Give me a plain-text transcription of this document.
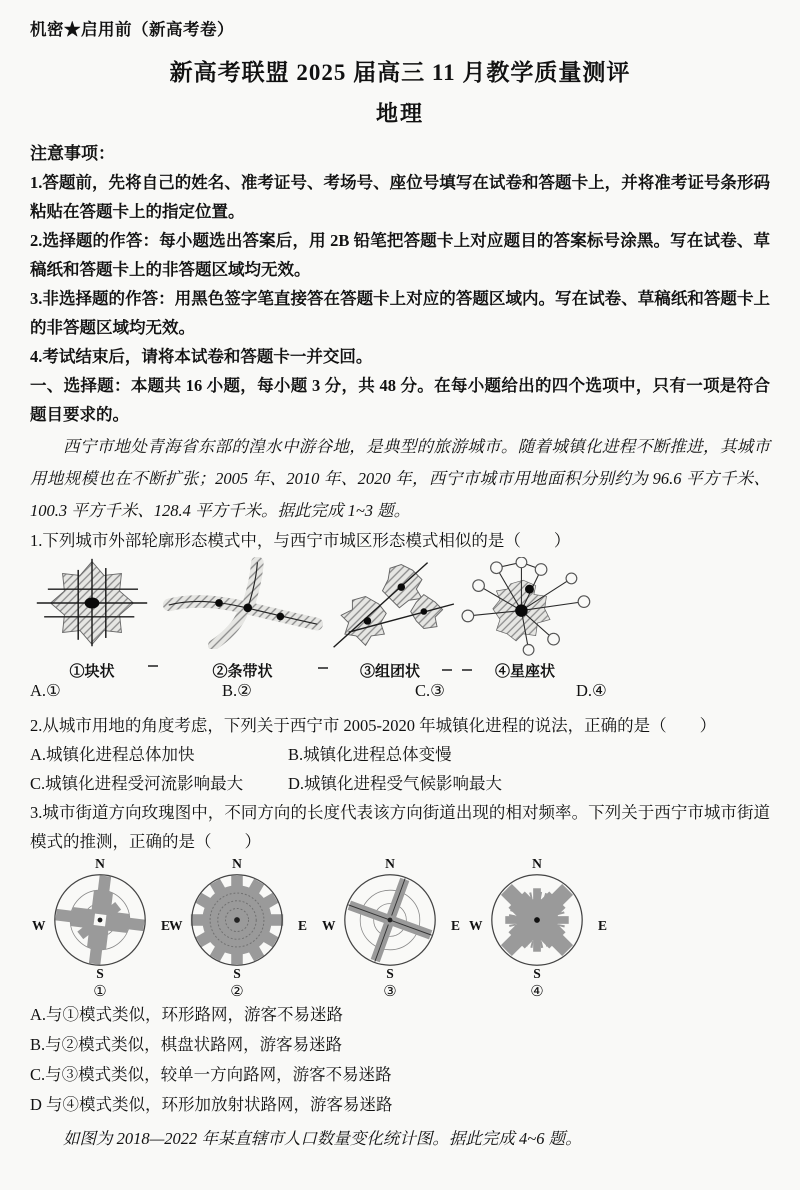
机密★启用前（新高考卷）
新高考联盟 2025 届高三 11 月教学质量测评
地理
注意事项：
1.答题前，先将自己的姓名、准考证号、考场号、座位号填写在试卷和答题卡上，并将准考证号条形码粘贴在答题卡上的指定位置。
2.选择题的作答：每小题选出答案后，用 2B 铅笔把答题卡上对应题目的答案标号涂黑。写在试卷、草稿纸和答题卡上的非答题区域均无效。
3.非选择题的作答：用黑色签字笔直接答在答题卡上对应的答题区域内。写在试卷、草稿纸和答题卡上的非答题区域均无效。
4.考试结束后，请将本试卷和答题卡一并交回。
一、选择题：本题共 16 小题，每小题 3 分，共 48 分。在每小题给出的四个选项中，只有一项是符合题目要求的。
西宁市地处青海省东部的湟水中游谷地，是典型的旅游城市。随着城镇化进程不断推进，其城市用地规模也在不断扩张；2005 年、2010 年、2020 年，西宁市城市用地面积分别约为 96.6 平方千米、100.3 平方千米、128.4 平方千米。据此完成 1~3 题。
1.下列城市外部轮廓形态模式中，与西宁市城区形态模式相似的是（　　）
①块状	②条带状	③组团状	④星座状
A.①	B.②	C.③	D.④
2.从城市用地的角度考虑，下列关于西宁市 2005-2020 年城镇化进程的说法，正确的是（　　）
A.城镇化进程总体加快	B.城镇化进程总体变慢
C.城镇化进程受河流影响最大	D.城镇化进程受气候影响最大
3.城市街道方向玫瑰图中，不同方向的长度代表该方向街道出现的相对频率。下列关于西宁市城市街道模式的推测，正确的是（　　）
N
W	E
S
①
N
W	E
S
②
N
W	E
S
③
N
W	E
S
④
A.与①模式类似，环形路网，游客不易迷路
B.与②模式类似，棋盘状路网，游客易迷路
C.与③模式类似，较单一方向路网，游客不易迷路
D 与④模式类似，环形加放射状路网，游客易迷路
如图为 2018—2022 年某直辖市人口数量变化统计图。据此完成 4~6 题。
